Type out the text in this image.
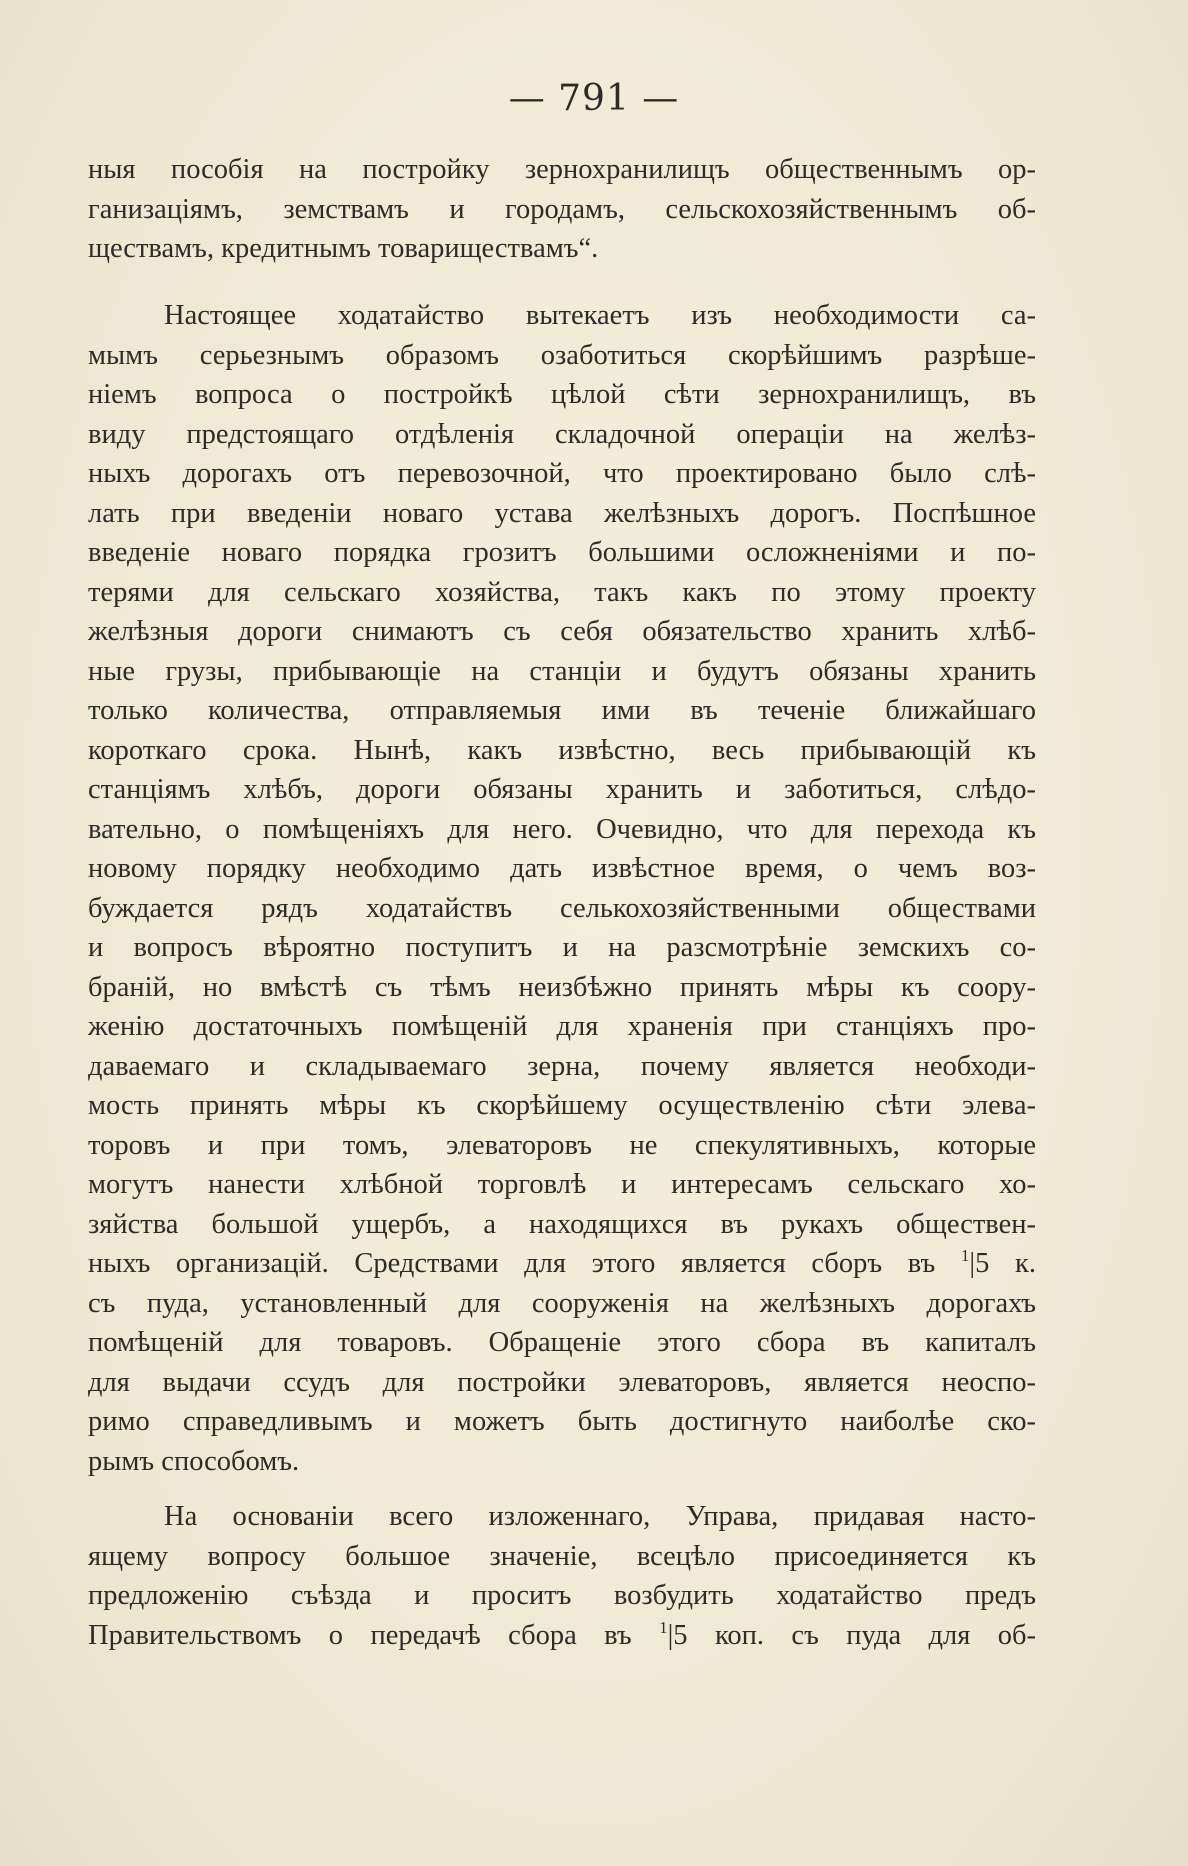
— 791 —
ныя пособія на постройку зернохранилищъ общественнымъ ор-
ганизаціямъ, земствамъ и городамъ, сельскохозяйственнымъ об-
ществамъ, кредитнымъ товариществамъ“.
Настоящее ходатайство вытекаетъ изъ необходимости са-
мымъ серьезнымъ образомъ озаботиться скорѣйшимъ разрѣше-
ніемъ вопроса о постройкѣ цѣлой сѣти зернохранилищъ, въ
виду предстоящаго отдѣленія складочной операціи на желѣз-
ныхъ дорогахъ отъ перевозочной, что проектировано было слѣ-
лать при введеніи новаго устава желѣзныхъ дорогъ. Поспѣшное
введеніе новаго порядка грозитъ большими осложненіями и по-
терями для сельскаго хозяйства, такъ какъ по этому проекту
желѣзныя дороги снимаютъ съ себя обязательство хранить хлѣб-
ные грузы, прибывающіе на станціи и будутъ обязаны хранить
только количества, отправляемыя ими въ теченіе ближайшаго
короткаго срока. Нынѣ, какъ извѣстно, весь прибывающій къ
станціямъ хлѣбъ, дороги обязаны хранить и заботиться, слѣдо-
вательно, о помѣщеніяхъ для него. Очевидно, что для перехода къ
новому порядку необходимо дать извѣстное время, о чемъ воз-
буждается рядъ ходатайствъ селькохозяйственными обществами
и вопросъ вѣроятно поступитъ и на разсмотрѣніе земскихъ со-
браній, но вмѣстѣ съ тѣмъ неизбѣжно принять мѣры къ соору-
женію достаточныхъ помѣщеній для храненія при станціяхъ про-
даваемаго и складываемаго зерна, почему является необходи-
мость принять мѣры къ скорѣйшему осуществленію сѣти элева-
торовъ и при томъ, элеваторовъ не спекулятивныхъ, которые
могутъ нанести хлѣбной торговлѣ и интересамъ сельскаго хо-
зяйства большой ущербъ, а находящихся въ рукахъ обществен-
ныхъ организацій. Средствами для этого является сборъ въ $^1$|5 к.
съ пуда, установленный для сооруженія на желѣзныхъ дорогахъ
помѣщеній для товаровъ. Обращеніе этого сбора въ капиталъ
для выдачи ссудъ для постройки элеваторовъ, является неоспо-
римо справедливымъ и можетъ быть достигнуто наиболѣе ско-
рымъ способомъ.
На основаніи всего изложеннаго, Управа, придавая насто-
ящему вопросу большое значеніе, всецѣло присоединяется къ
предложенію съѣзда и проситъ возбудить ходатайство предъ
Правительствомъ о передачѣ сбора въ $^1$|5 коп. съ пуда для об-
